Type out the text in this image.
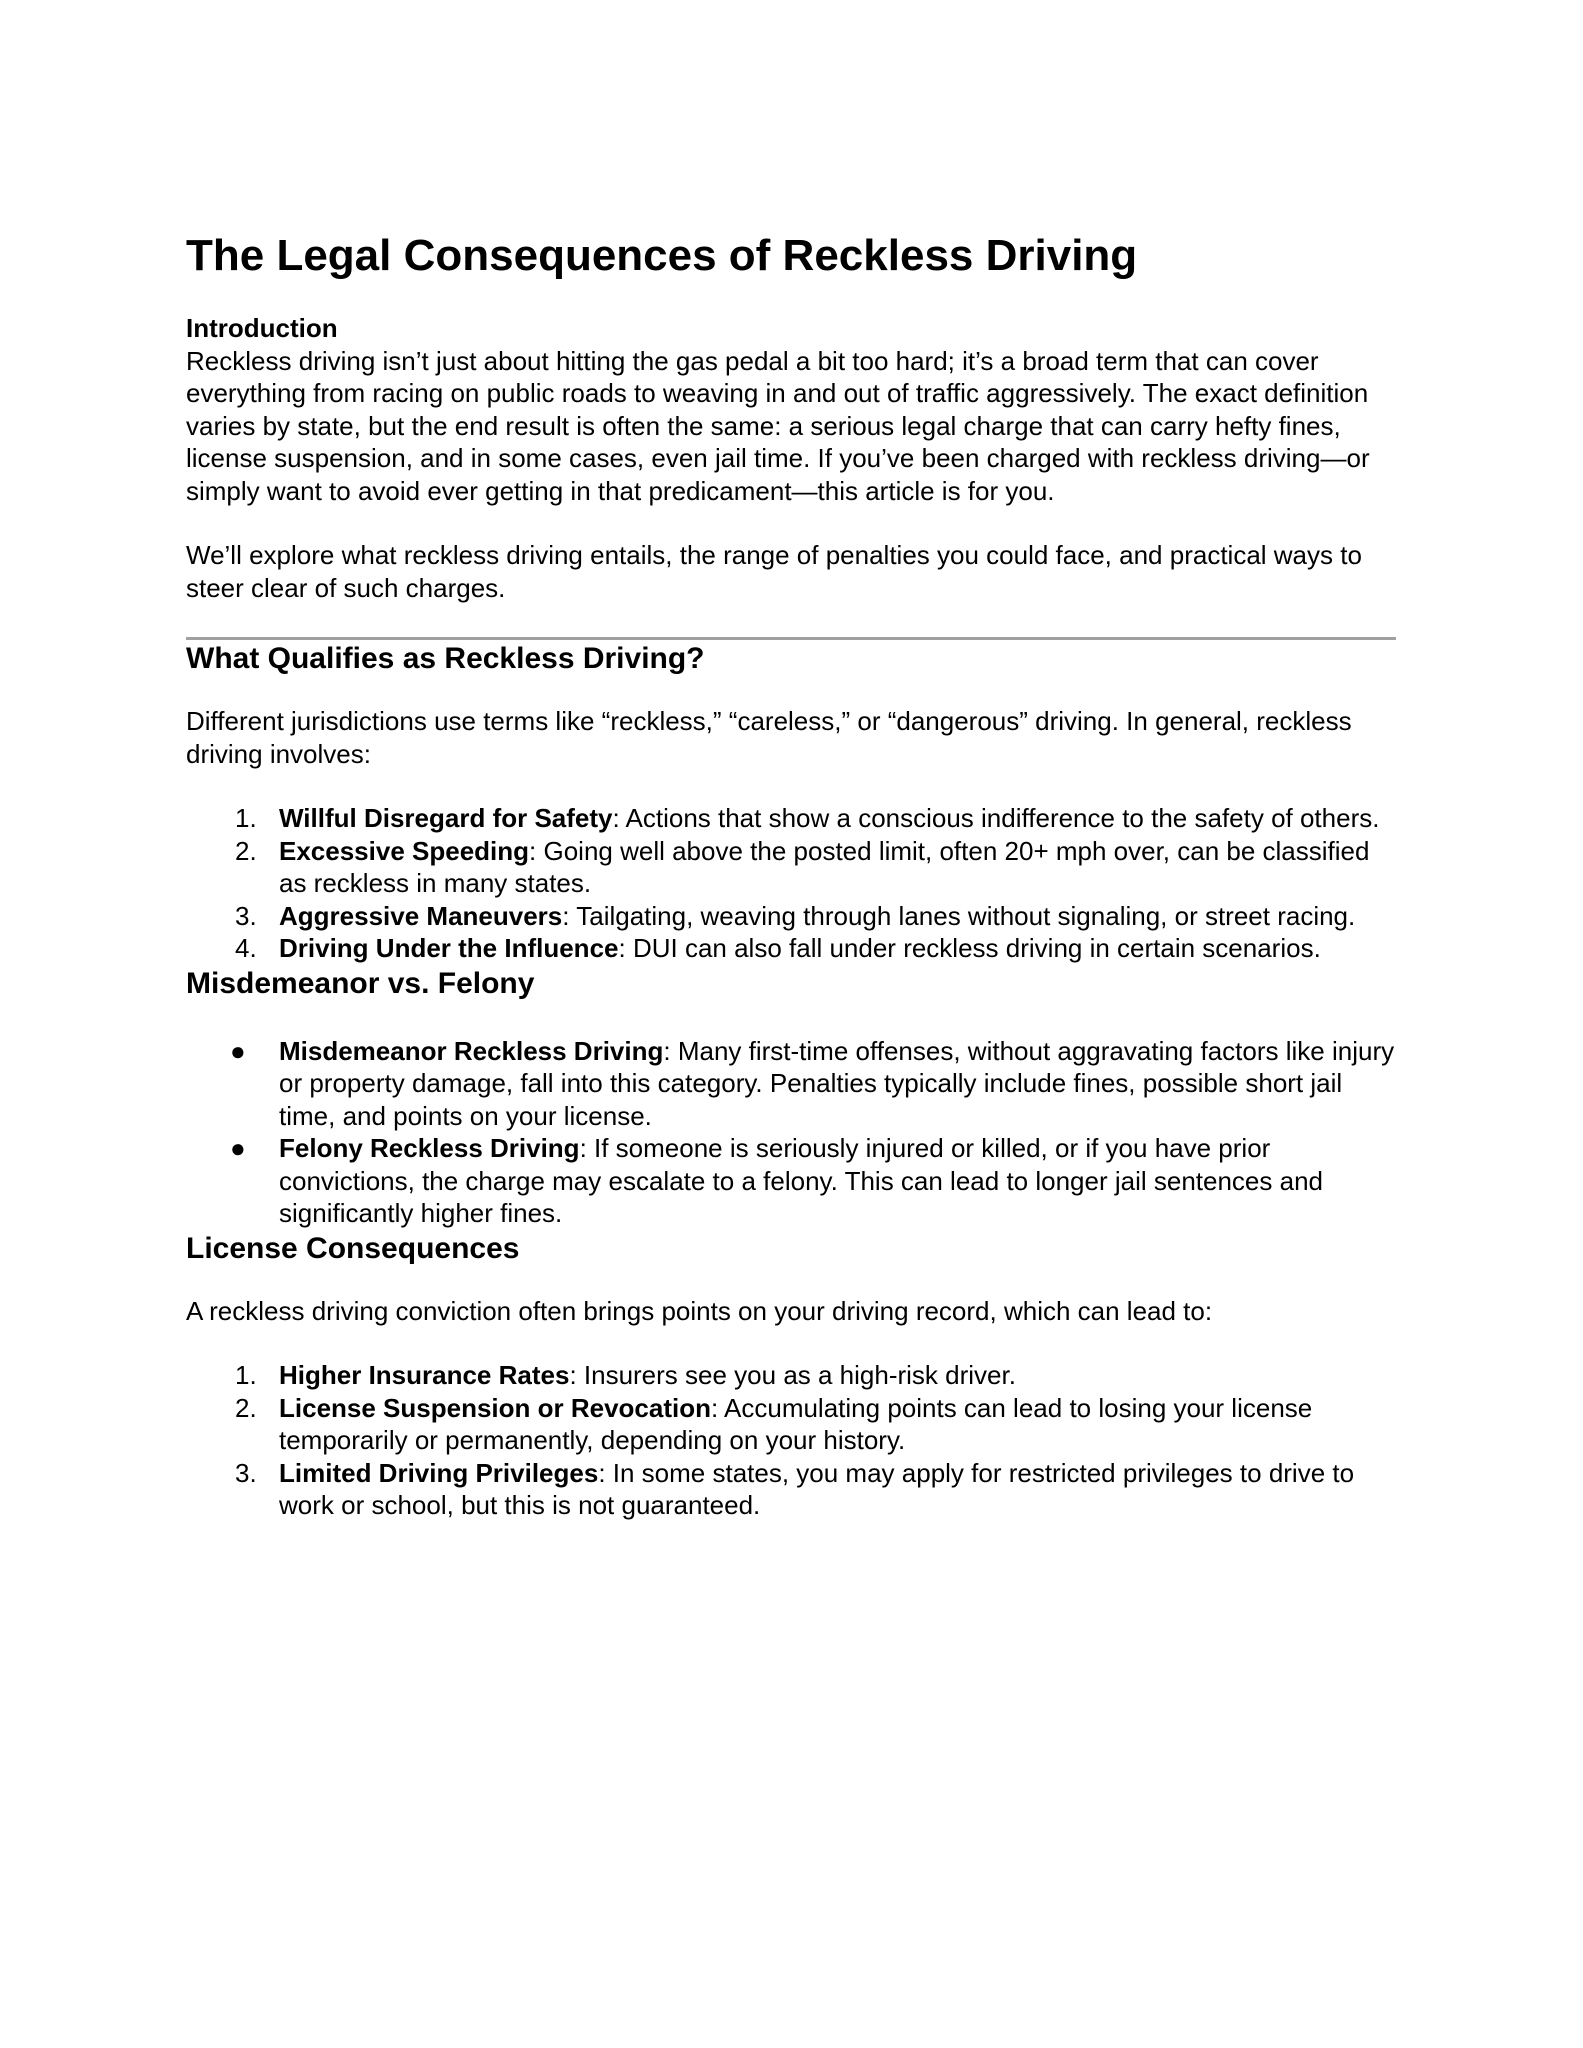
The Legal Consequences of Reckless Driving
Introduction

Reckless driving isn’t just about hitting the gas pedal a bit too hard; it’s a broad term that can cover everything from racing on public roads to weaving in and out of traffic aggressively. The exact definition varies by state, but the end result is often the same: a serious legal charge that can carry hefty fines, license suspension, and in some cases, even jail time. If you’ve been charged with reckless driving—or simply want to avoid ever getting in that predicament—this article is for you.

We’ll explore what reckless driving entails, the range of penalties you could face, and practical ways to steer clear of such charges.

What Qualifies as Reckless Driving?

Different jurisdictions use terms like “reckless,” “careless,” or “dangerous” driving. In general, reckless driving involves:

1. Willful Disregard for Safety: Actions that show a conscious indifference to the safety of others.
2. Excessive Speeding: Going well above the posted limit, often 20+ mph over, can be classified as reckless in many states.
3. Aggressive Maneuvers: Tailgating, weaving through lanes without signaling, or street racing.
4. Driving Under the Influence: DUI can also fall under reckless driving in certain scenarios.
Misdemeanor vs. Felony
● Misdemeanor Reckless Driving: Many first-time offenses, without aggravating factors like injury or property damage, fall into this category. Penalties typically include fines, possible short jail time, and points on your license.
● Felony Reckless Driving: If someone is seriously injured or killed, or if you have prior convictions, the charge may escalate to a felony. This can lead to longer jail sentences and significantly higher fines.
License Consequences

A reckless driving conviction often brings points on your driving record, which can lead to:

1. Higher Insurance Rates: Insurers see you as a high-risk driver.
2. License Suspension or Revocation: Accumulating points can lead to losing your license temporarily or permanently, depending on your history.
3. Limited Driving Privileges: In some states, you may apply for restricted privileges to drive to work or school, but this is not guaranteed.
